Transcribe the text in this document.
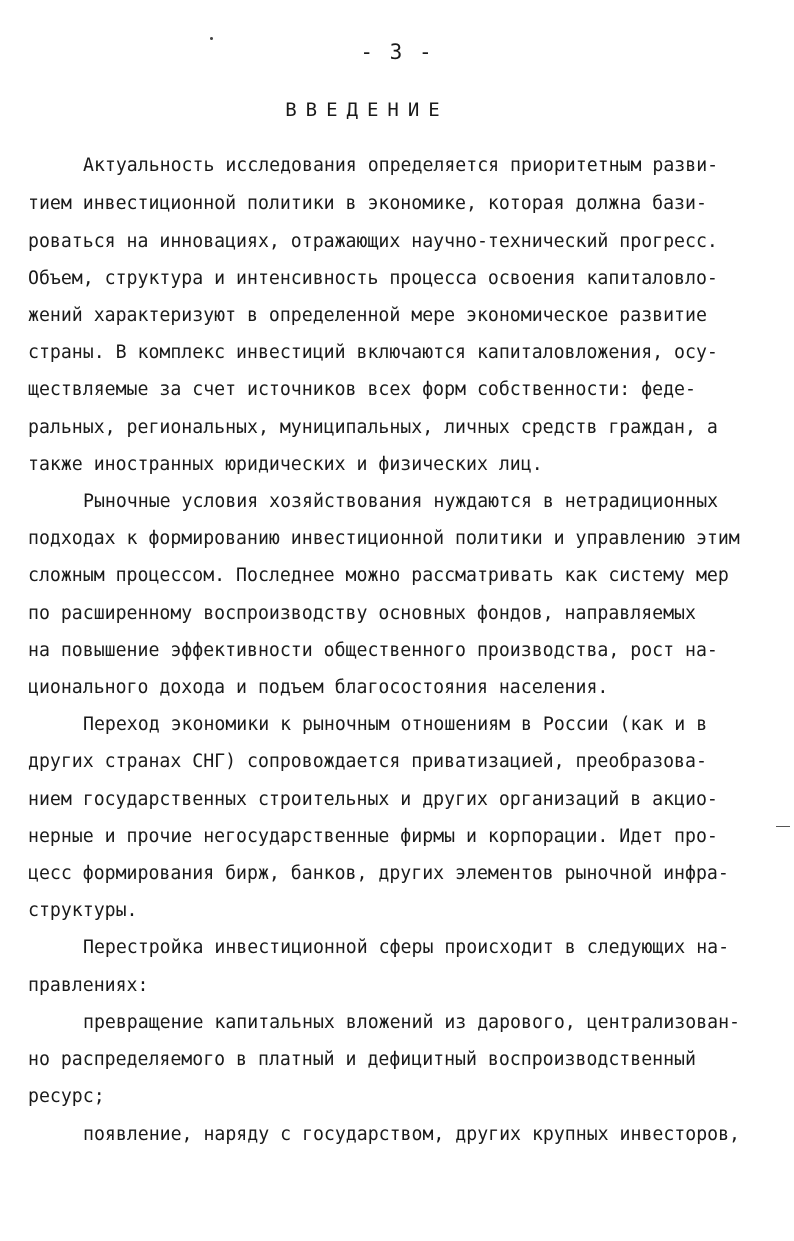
- 3 -
ВВЕДЕНИЕ
Актуальность исследования определяется приоритетным разви-
тием инвестиционной политики в экономике, которая должна бази-
роваться на инновациях, отражающих научно-технический прогресс.
Объем, структура и интенсивность процесса освоения капиталовло-
жений характеризуют в определенной мере экономическое развитие
страны. В комплекс инвестиций включаются капиталовложения, осу-
ществляемые за счет источников всех форм собственности: феде-
ральных, региональных, муниципальных, личных средств граждан, а
также иностранных юридических и физических лиц.
Рыночные условия хозяйствования нуждаются в нетрадиционных
подходах к формированию инвестиционной политики и управлению этим
сложным процессом. Последнее можно рассматривать как систему мер
по расширенному воспроизводству основных фондов, направляемых
на повышение эффективности общественного производства, рост на-
ционального дохода и подъем благосостояния населения.
Переход экономики к рыночным отношениям в России (как и в
других странах СНГ) сопровождается приватизацией, преобразова-
нием государственных строительных и других организаций в акцио-
нерные и прочие негосударственные фирмы и корпорации. Идет про-
цесс формирования бирж, банков, других элементов рыночной инфра-
структуры.
Перестройка инвестиционной сферы происходит в следующих на-
правлениях:
превращение капитальных вложений из дарового, централизован-
но распределяемого в платный и дефицитный воспроизводственный
ресурс;
появление, наряду с государством, других крупных инвесторов,
